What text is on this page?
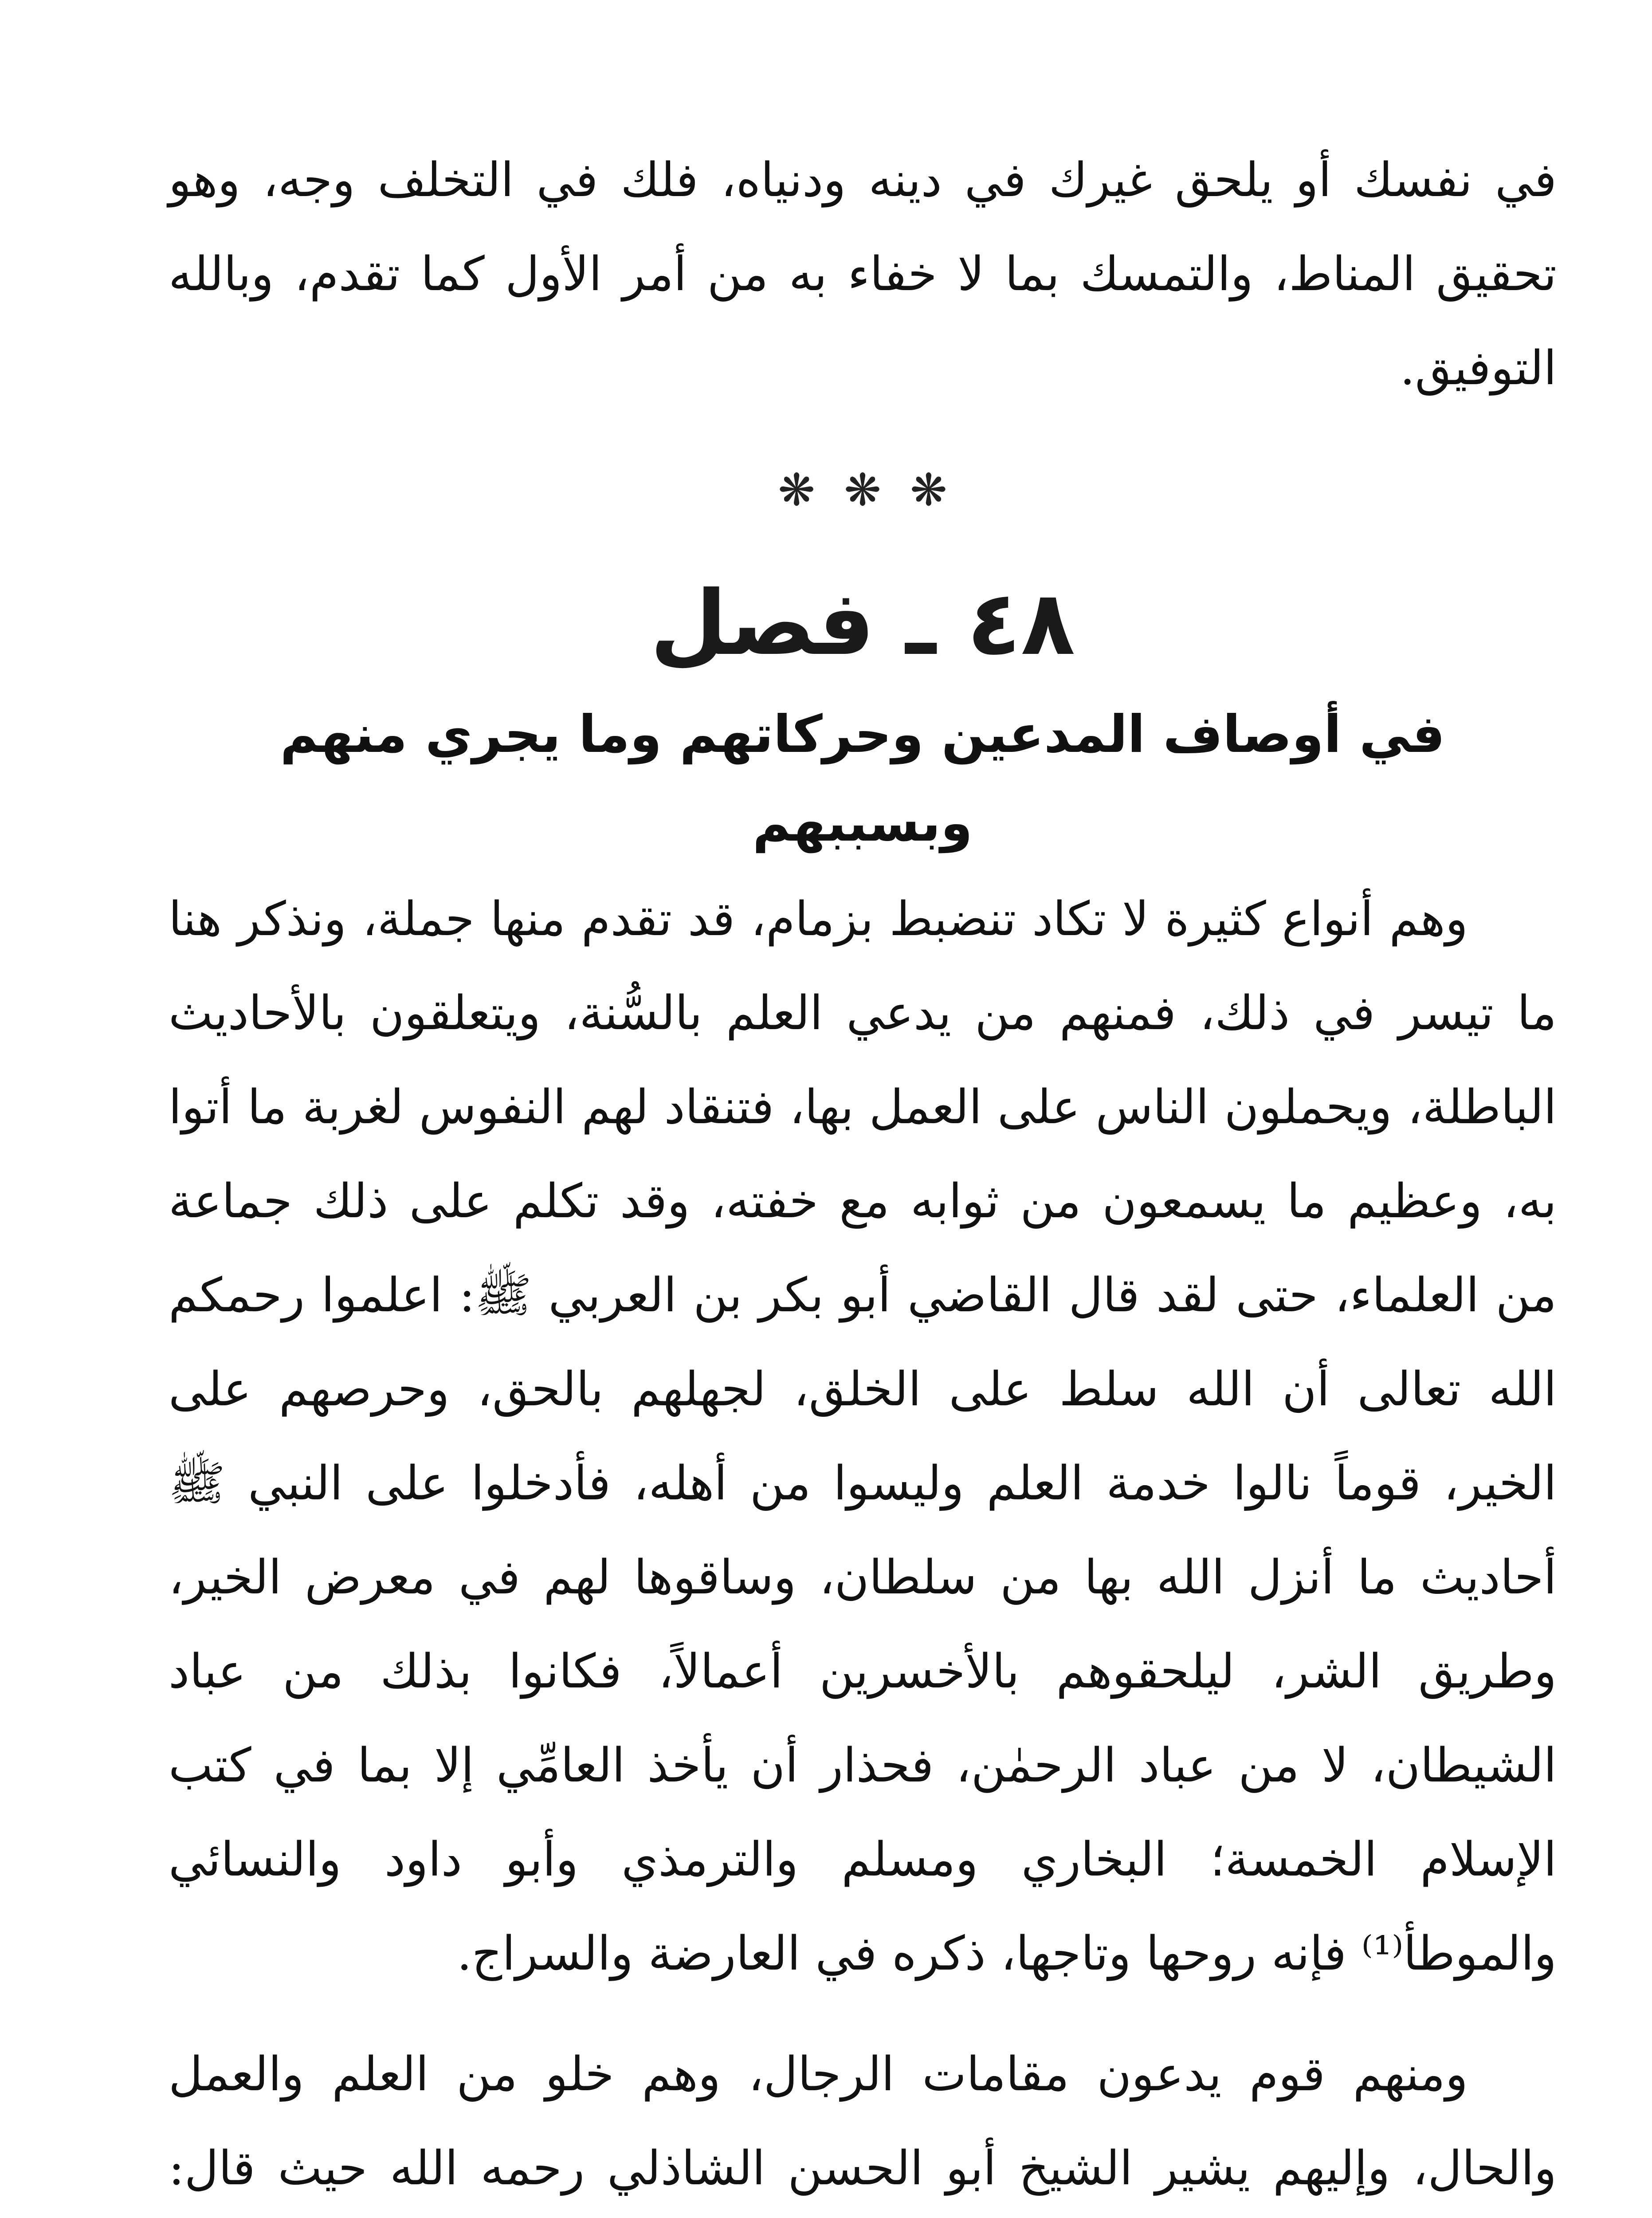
في نفسك أو يلحق غيرك في دينه ودنياه، فلك في التخلف وجه، وهو تحقيق المناط، والتمسك بما لا خفاء به من أمر الأول كما تقدم، وبالله التوفيق.

❋ ❋ ❋
٤٨ ـ فصل
في أوصاف المدعين وحركاتهم وما يجري منهم وبسببهم

وهم أنواع كثيرة لا تكاد تنضبط بزمام، قد تقدم منها جملة، ونذكر هنا ما تيسر في ذلك، فمنهم من يدعي العلم بالسُّنة، ويتعلقون بالأحاديث الباطلة، ويحملون الناس على العمل بها، فتنقاد لهم النفوس لغربة ما أتوا به، وعظيم ما يسمعون من ثوابه مع خفته، وقد تكلم على ذلك جماعة من العلماء، حتى لقد قال القاضي أبو بكر بن العربي ﷺ: اعلموا رحمكم الله تعالى أن الله سلط على الخلق، لجهلهم بالحق، وحرصهم على الخير، قوماً نالوا خدمة العلم وليسوا من أهله، فأدخلوا على النبي ﷺ أحاديث ما أنزل الله بها من سلطان، وساقوها لهم في معرض الخير، وطريق الشر، ليلحقوهم بالأخسرين أعمالاً، فكانوا بذلك من عباد الشيطان، لا من عباد الرحمٰن، فحذار أن يأخذ العامِّي إلا بما في كتب الإسلام الخمسة؛ البخاري ومسلم والترمذي وأبو داود والنسائي والموطأ⁽¹⁾ فإنه روحها وتاجها، ذكره في العارضة والسراج.

ومنهم قوم يدعون مقامات الرجال، وهم خلو من العلم والعمل والحال، وإليهم يشير الشيخ أبو الحسن الشاذلي رحمه الله حيث قال:
